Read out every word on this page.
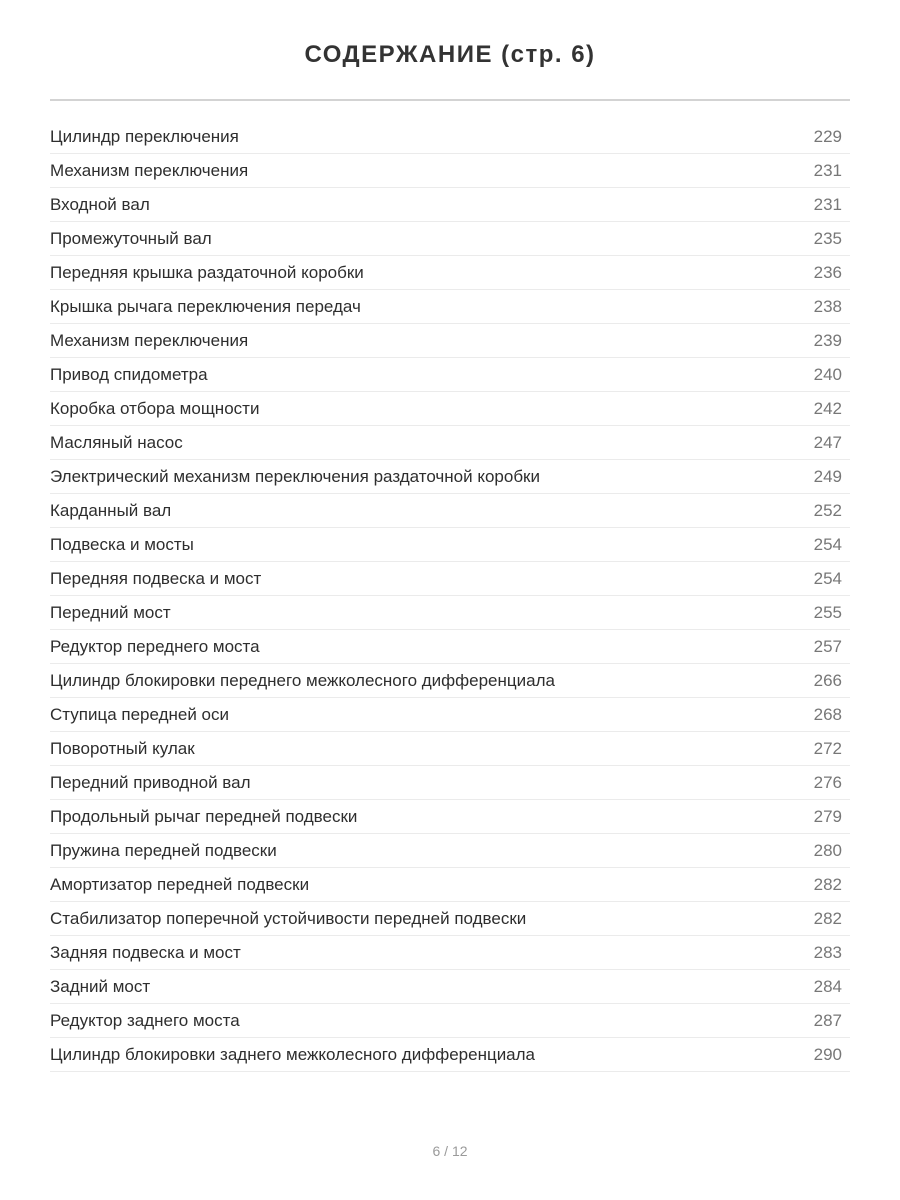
СОДЕРЖАНИЕ (стр. 6)
Цилиндр переключения	229
Механизм переключения	231
Входной вал	231
Промежуточный вал	235
Передняя крышка раздаточной коробки	236
Крышка рычага переключения передач	238
Механизм переключения	239
Привод спидометра	240
Коробка отбора мощности	242
Масляный насос	247
Электрический механизм переключения раздаточной коробки	249
Карданный вал	252
Подвеска и мосты	254
Передняя подвеска и мост	254
Передний мост	255
Редуктор переднего моста	257
Цилиндр блокировки переднего межколесного дифференциала	266
Ступица передней оси	268
Поворотный кулак	272
Передний приводной вал	276
Продольный рычаг передней подвески	279
Пружина передней подвески	280
Амортизатор передней подвески	282
Стабилизатор поперечной устойчивости передней подвески	282
Задняя подвеска и мост	283
Задний мост	284
Редуктор заднего моста	287
Цилиндр блокировки заднего межколесного дифференциала	290
6 / 12
